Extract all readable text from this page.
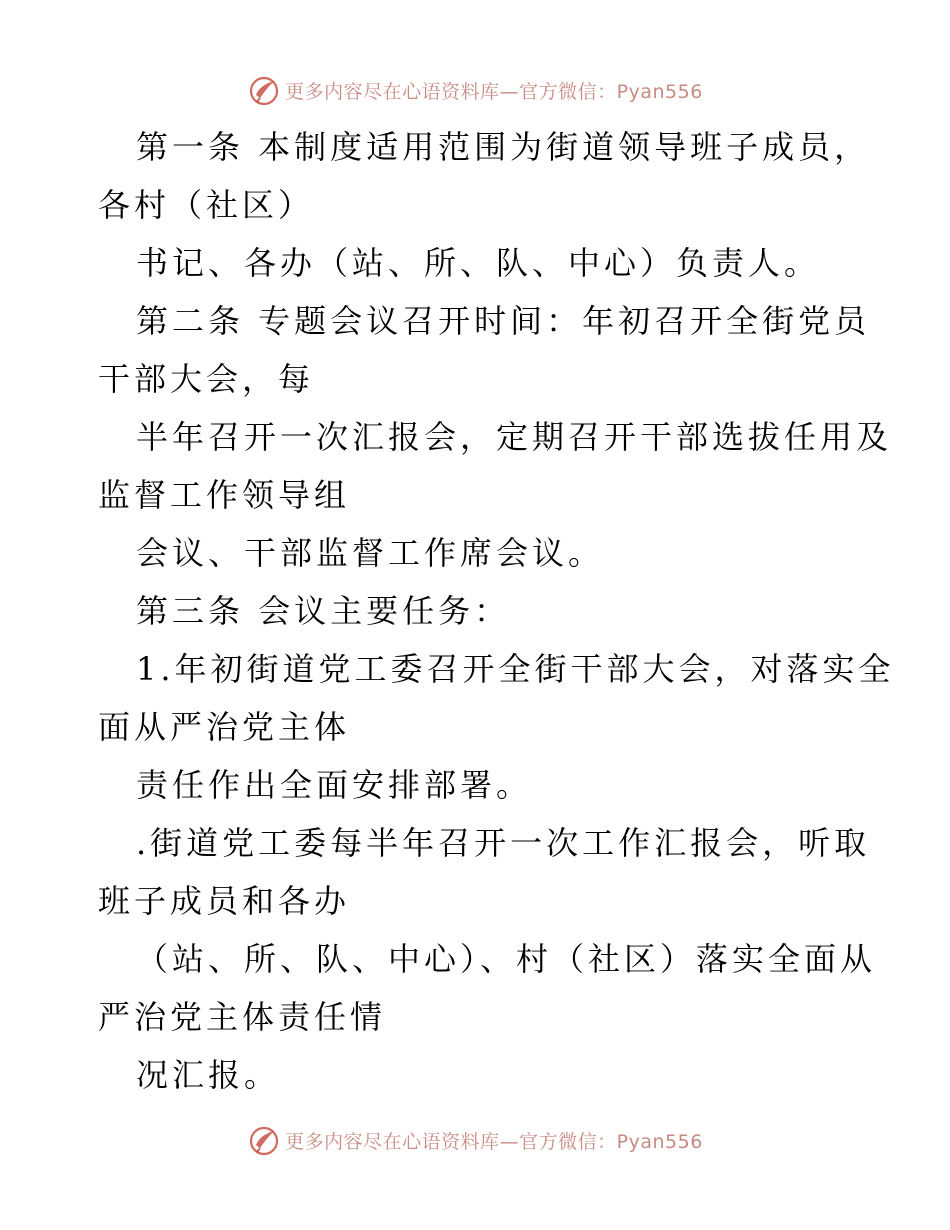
更多内容尽在心语资料库—官方微信：Pyan556
第一条 本制度适用范围为街道领导班子成员，
各村（社区）
书记、各办（站、所、队、中心）负责人。
第二条 专题会议召开时间：年初召开全街党员
干部大会，每
半年召开一次汇报会，定期召开干部选拔任用及
监督工作领导组
会议、干部监督工作席会议。
第三条 会议主要任务：
1.年初街道党工委召开全街干部大会，对落实全
面从严治党主体
责任作出全面安排部署。
.街道党工委每半年召开一次工作汇报会，听取
班子成员和各办
（站、所、队、中心）、村（社区）落实全面从
严治党主体责任情
况汇报。
更多内容尽在心语资料库—官方微信：Pyan556
